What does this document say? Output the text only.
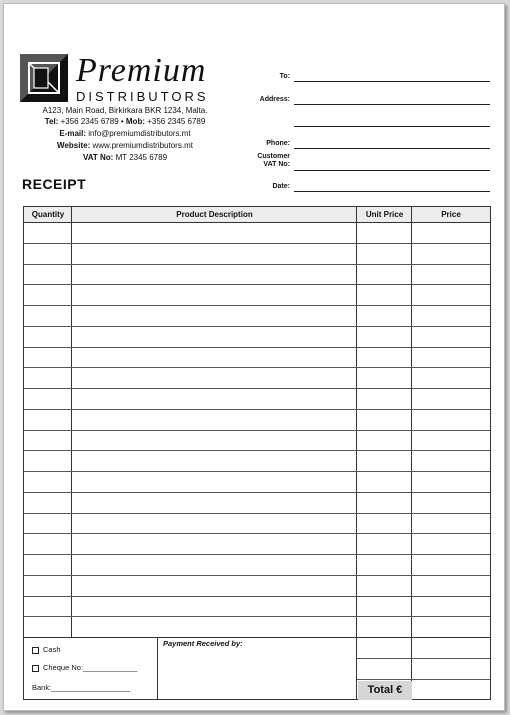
Premium
DISTRIBUTORS
A123, Main Road, Birkirkara BKR 1234, Malta.
Tel: +356 2345 6789 • Mob: +356 2345 6789
E-mail: info@premiumdistributors.mt
Website: www.premiumdistributors.mt
VAT No: MT 2345 6789
RECEIPT
To:
Address:
Phone:
Customer
VAT No:
Date:
Quantity	Product Description	Unit Price	Price
Cash
Cheque No:_____________
Bank:___________________
Payment Received by:
Total €
